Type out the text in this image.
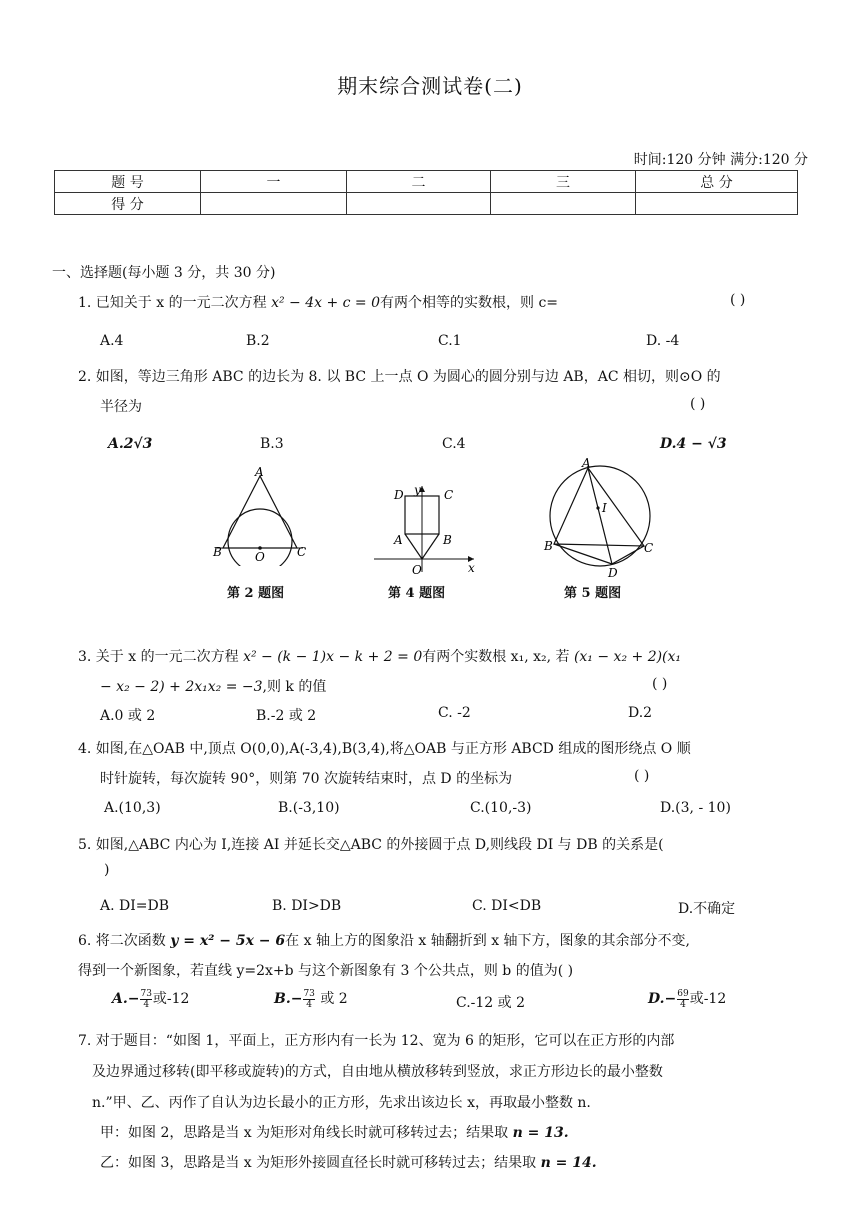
期末综合测试卷(二)
时间:120 分钟 满分:120 分
题 号	一	二	三	总 分
得 分				
一、选择题(每小题 3 分，共 30 分)
1. 已知关于 x 的一元二次方程 x² − 4x + c = 0有两个相等的实数根，则 c=	( )
A.4	B.2	C.1	D. -4
2. 如图，等边三角形 ABC 的边长为 8. 以 BC 上一点 O 为圆心的圆分别与边 AB，AC 相切，则⊙O 的
半径为	( )
A.2√3	B.3	C.4	D.4 − √3
A
B	O	C
第 2 题图
D y C
A	B
O	x
第 4 题图
A
I
B	C
D
第 5 题图
3. 关于 x 的一元二次方程 x² − (k − 1)x − k + 2 = 0有两个实数根 x₁, x₂, 若 (x₁ − x₂ + 2)(x₁
− x₂ − 2) + 2x₁x₂ = −3,则 k 的值	( )
A.0 或 2	B.-2 或 2	C. -2	D.2
4. 如图,在△OAB 中,顶点 O(0,0),A(-3,4),B(3,4),将△OAB 与正方形 ABCD 组成的图形绕点 O 顺
时针旋转，每次旋转 90°，则第 70 次旋转结束时，点 D 的坐标为	( )
A.(10,3)	B.(-3,10)	C.(10,-3)	D.(3, - 10)
5. 如图,△ABC 内心为 I,连接 AI 并延长交△ABC 的外接圆于点 D,则线段 DI 与 DB 的关系是(
)
A. DI=DB	B. DI>DB	C. DI<DB	D.不确定
6. 将二次函数 y = x² − 5x − 6在 x 轴上方的图象沿 x 轴翻折到 x 轴下方，图象的其余部分不变,
得到一个新图象，若直线 y=2x+b 与这个新图象有 3 个公共点，则 b 的值为( )
$A.- \frac{73}{4}$ 或-12	$B.- \frac{73}{4}$ 或 2	C.-12 或 2	$D.- \frac{69}{4}$ 或-12
7. 对于题目：“如图 1，平面上，正方形内有一长为 12、宽为 6 的矩形，它可以在正方形的内部
及边界通过移转(即平移或旋转)的方式，自由地从横放移转到竖放，求正方形边长的最小整数
n.”甲、乙、丙作了自认为边长最小的正方形，先求出该边长 x，再取最小整数 n.
甲：如图 2，思路是当 x 为矩形对角线长时就可移转过去；结果取 n = 13.
乙：如图 3，思路是当 x 为矩形外接圆直径长时就可移转过去；结果取 n = 14.
